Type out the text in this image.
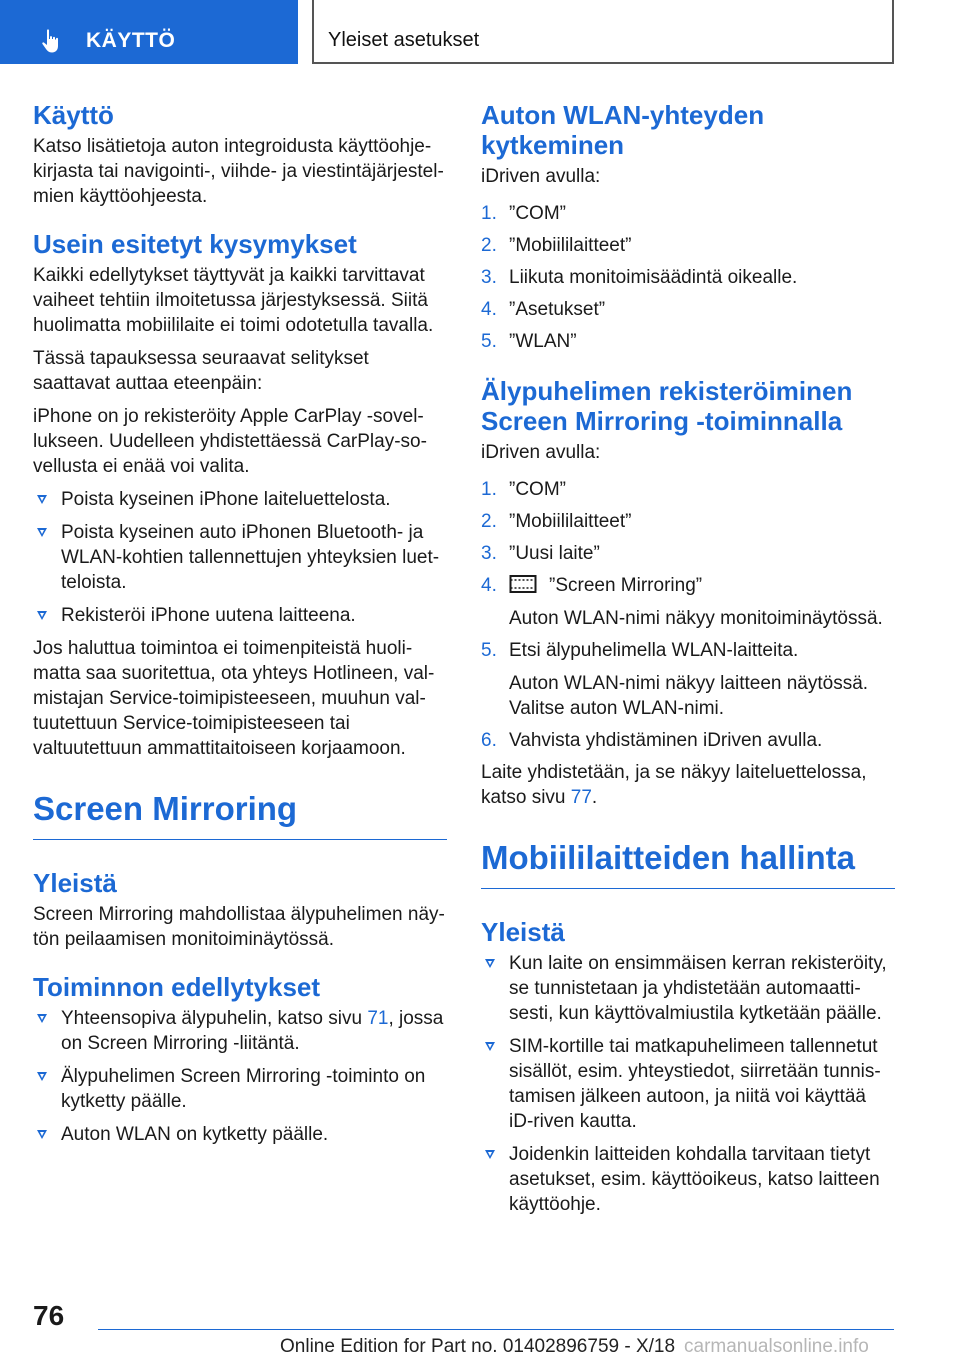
KÄYTTÖ	Yleiset asetukset
Käyttö

Katso lisätietoja auton integroidusta käyttöohje-kirjasta tai navigointi-, viihde- ja viestintäjärjestel-mien käyttöohjeesta.

Usein esitetyt kysymykset

Kaikki edellytykset täyttyvät ja kaikki tarvittavat vaiheet tehtiin ilmoitetussa järjestyksessä. Siitä huolimatta mobiililaite ei toimi odotetulla tavalla.

Tässä tapauksessa seuraavat selitykset saattavat auttaa eteenpäin:

iPhone on jo rekisteröity Apple CarPlay -sovel-lukseen. Uudelleen yhdistettäessä CarPlay-so-vellusta ei enää voi valita.

Poista kyseinen iPhone laiteluettelosta.
Poista kyseinen auto iPhonen Bluetooth- ja WLAN-kohtien tallennettujen yhteyksien luet-teloista.
Rekisteröi iPhone uutena laitteena.

Jos haluttua toimintoa ei toimenpiteistä huoli-matta saa suoritettua, ota yhteys Hotlineen, val-mistajan Service-toimipisteeseen, muuhun val-tuutettuun Service-toimipisteeseen tai valtuutettuun ammattitaitoiseen korjaamoon.

Screen Mirroring
Yleistä

Screen Mirroring mahdollistaa älypuhelimen näy-tön peilaamisen monitoiminäytössä.

Toiminnon edellytykset
Yhteensopiva älypuhelin, katso sivu 71, jossa on Screen Mirroring -liitäntä.
Älypuhelimen Screen Mirroring -toiminto on kytketty päälle.
Auton WLAN on kytketty päälle.
Auton WLAN-yhteyden kytkeminen

iDriven avulla:

1. ”COM”
2. ”Mobiililaitteet”
3. Liikuta monitoimisäädintä oikealle.
4. ”Asetukset”
5. ”WLAN”
Älypuhelimen rekisteröiminen Screen Mirroring -toiminnalla

iDriven avulla:

1. ”COM”
2. ”Mobiililaitteet”
3. ”Uusi laite”
4.	”Screen Mirroring”
Auton WLAN-nimi näkyy monitoiminäytössä.
5. Etsi älypuhelimella WLAN-laitteita.
Auton WLAN-nimi näkyy laitteen näytössä. Valitse auton WLAN-nimi.
6. Vahvista yhdistäminen iDriven avulla.

Laite yhdistetään, ja se näkyy laiteluettelossa, katso sivu 77.

Mobiililaitteiden hallinta
Yleistä
Kun laite on ensimmäisen kerran rekisteröity, se tunnistetaan ja yhdistetään automaatti-sesti, kun käyttövalmiustila kytketään päälle.
SIM-kortille tai matkapuhelimeen tallennetut sisällöt, esim. yhteystiedot, siirretään tunnis-tamisen jälkeen autoon, ja niitä voi käyttää iD-riven kautta.
Joidenkin laitteiden kohdalla tarvitaan tietyt asetukset, esim. käyttöoikeus, katso laitteen käyttöohje.
76
Online Edition for Part no. 01402896759 - X/18 carmanualsonline.info
